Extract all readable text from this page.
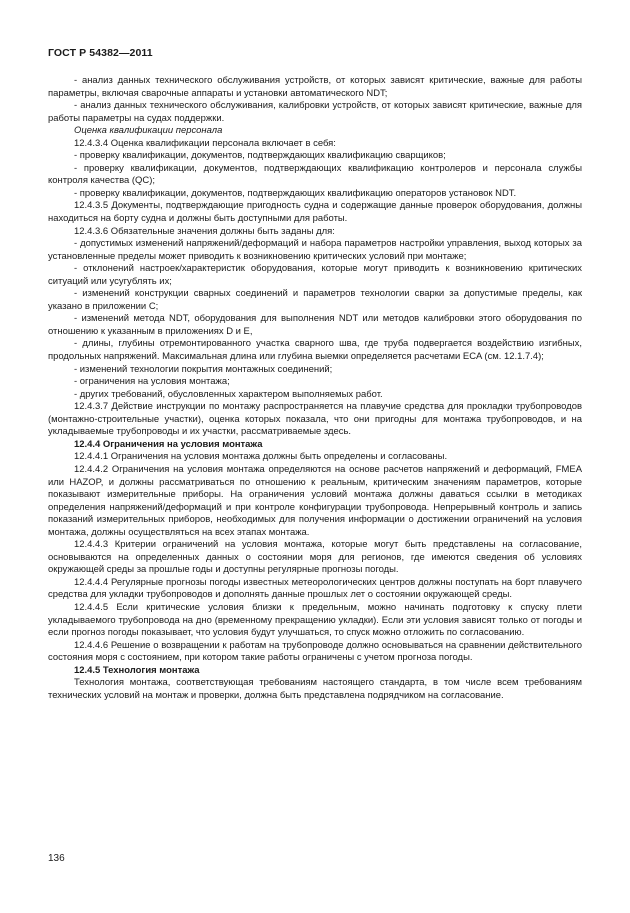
ГОСТ Р 54382—2011

- анализ данных технического обслуживания устройств, от которых зависят критические, важные для работы параметры, включая сварочные аппараты и установки автоматического NDT;

- анализ данных технического обслуживания, калибровки устройств, от которых зависят критические, важные для работы параметры на судах поддержки.

Оценка квалификации персонала

12.4.3.4 Оценка квалификации персонала включает в себя:

- проверку квалификации, документов, подтверждающих квалификацию сварщиков;

- проверку квалификации, документов, подтверждающих квалификацию контролеров и персонала службы контроля качества (QC);

- проверку квалификации, документов, подтверждающих квалификацию операторов установок NDT.

12.4.3.5 Документы, подтверждающие пригодность судна и содержащие данные проверок оборудования, должны находиться на борту судна и должны быть доступными для работы.

12.4.3.6 Обязательные значения должны быть заданы для:

- допустимых изменений напряжений/деформаций и набора параметров настройки управления, выход которых за установленные пределы может приводить к возникновению критических условий при монтаже;

- отклонений настроек/характеристик оборудования, которые могут приводить к возникновению критических ситуаций или усугублять их;

- изменений конструкции сварных соединений и параметров технологии сварки за допустимые пределы, как указано в приложении C;

- изменений метода NDT, оборудования для выполнения NDT или методов калибровки этого оборудования по отношению к указанным в приложениях D и E,

- длины, глубины отремонтированного участка сварного шва, где труба подвергается воздействию изгибных, продольных напряжений. Максимальная длина или глубина выемки определяется расчетами ECA (см. 12.1.7.4);

- изменений технологии покрытия монтажных соединений;

- ограничения на условия монтажа;

- других требований, обусловленных характером выполняемых работ.

12.4.3.7 Действие инструкции по монтажу распространяется на плавучие средства для прокладки трубопроводов (монтажно-строительные участки), оценка которых показала, что они пригодны для монтажа трубопроводов, и на укладываемые трубопроводы и их участки, рассматриваемые здесь.

12.4.4 Ограничения на условия монтажа

12.4.4.1 Ограничения на условия монтажа должны быть определены и согласованы.

12.4.4.2 Ограничения на условия монтажа определяются на основе расчетов напряжений и деформаций, FMEA или HAZOP, и должны рассматриваться по отношению к реальным, критическим значениям параметров, которые показывают измерительные приборы. На ограничения условий монтажа должны даваться ссылки в методиках определения напряжений/деформаций и при контроле конфигурации трубопровода. Непрерывный контроль и запись показаний измерительных приборов, необходимых для получения информации о достижении ограничений на условия монтажа, должны осуществляться на всех этапах монтажа.

12.4.4.3 Критерии ограничений на условия монтажа, которые могут быть представлены на согласование, основываются на определенных данных о состоянии моря для регионов, где имеются сведения об условиях окружающей среды за прошлые годы и доступны регулярные прогнозы погоды.

12.4.4.4 Регулярные прогнозы погоды известных метеорологических центров должны поступать на борт плавучего средства для укладки трубопроводов и дополнять данные прошлых лет о состоянии окружающей среды.

12.4.4.5 Если критические условия близки к предельным, можно начинать подготовку к спуску плети укладываемого трубопровода на дно (временному прекращению укладки). Если эти условия зависят только от погоды и если прогноз погоды показывает, что условия будут улучшаться, то спуск можно отложить по согласованию.

12.4.4.6 Решение о возвращении к работам на трубопроводе должно основываться на сравнении действительного состояния моря с состоянием, при котором такие работы ограничены с учетом прогноза погоды.

12.4.5 Технология монтажа

Технология монтажа, соответствующая требованиям настоящего стандарта, в том числе всем требованиям технических условий на монтаж и проверки, должна быть представлена подрядчиком на согласование.

136
